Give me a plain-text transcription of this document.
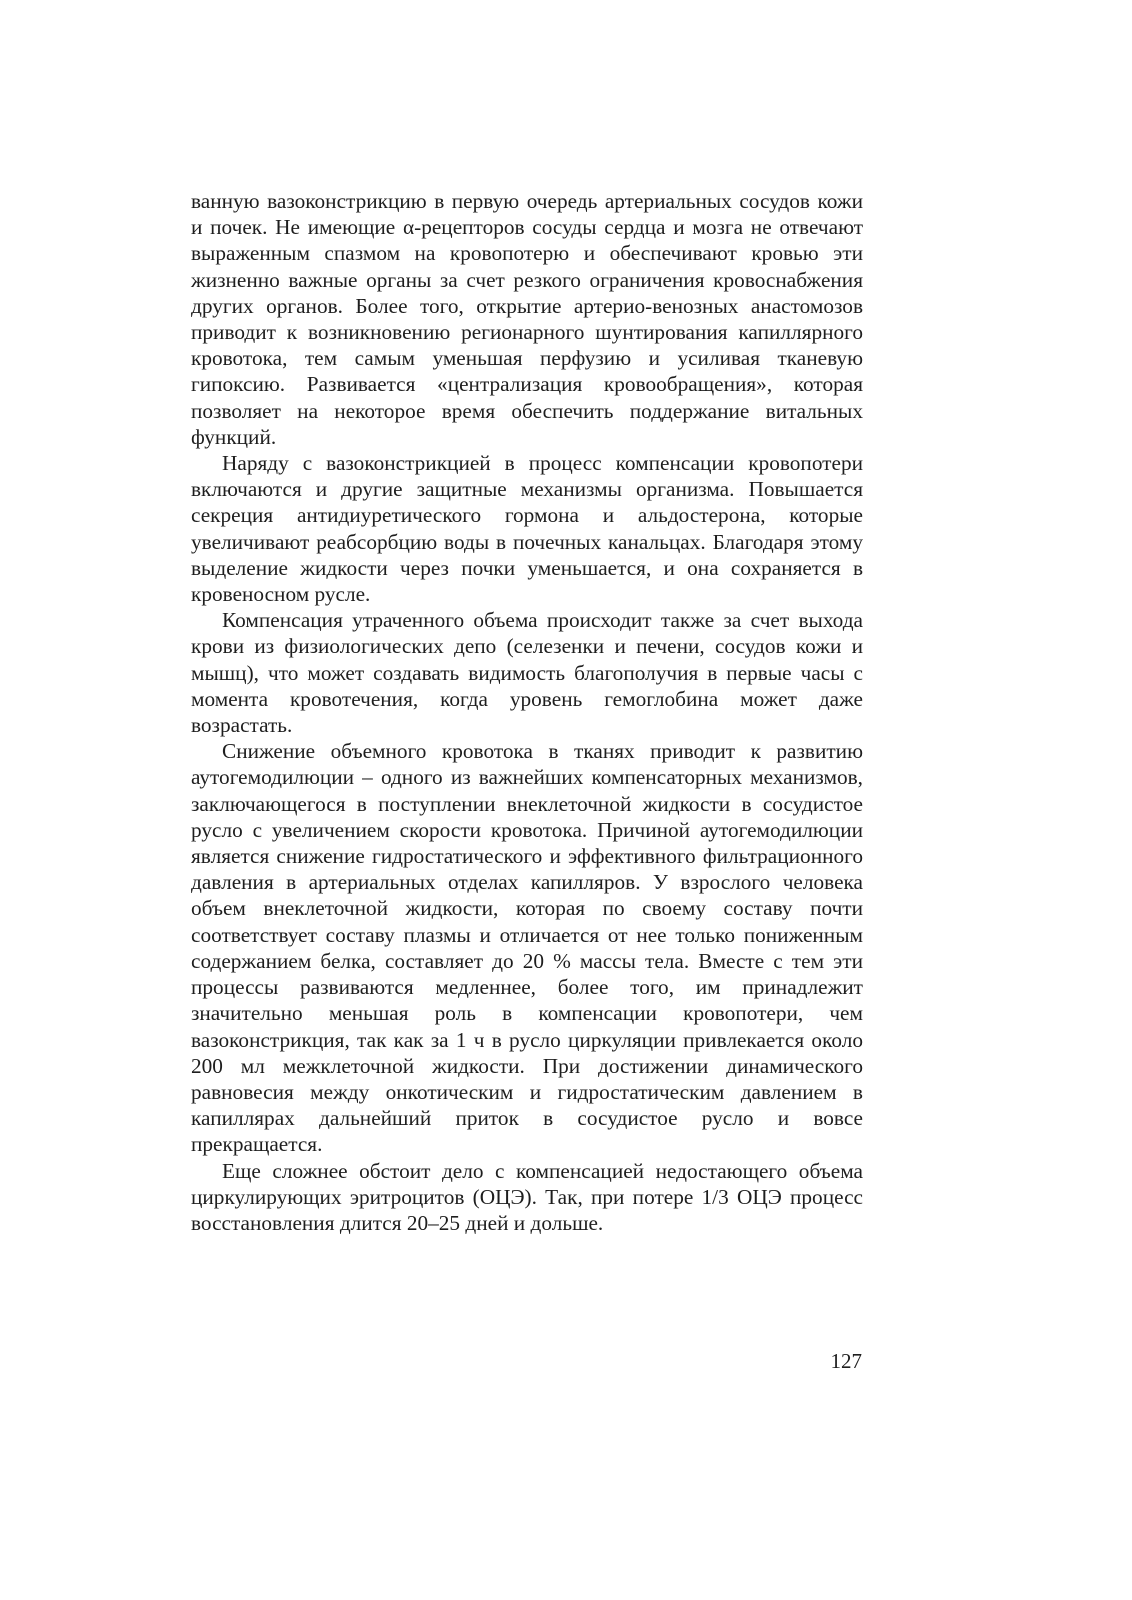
ванную вазоконстрикцию в первую очередь артериальных сосудов кожи и почек. Не имеющие α-рецепторов сосуды сердца и мозга не отвечают выраженным спазмом на кровопотерю и обеспечивают кровью эти жизненно важные органы за счет резкого ограничения кровоснабжения других органов. Более того, открытие артерио-венозных анастомозов приводит к возникновению регионарного шунтирования капиллярного кровотока, тем самым уменьшая перфузию и усиливая тканевую гипоксию. Развивается «централизация кровообращения», которая позволяет на некоторое время обеспечить поддержание витальных функций.

Наряду с вазоконстрикцией в процесс компенсации кровопотери включаются и другие защитные механизмы организма. Повышается секреция антидиуретического гормона и альдостерона, которые увеличивают реабсорбцию воды в почечных канальцах. Благодаря этому выделение жидкости через почки уменьшается, и она сохраняется в кровеносном русле.

Компенсация утраченного объема происходит также за счет выхода крови из физиологических депо (селезенки и печени, сосудов кожи и мышц), что может создавать видимость благополучия в первые часы с момента кровотечения, когда уровень гемоглобина может даже возрастать.

Снижение объемного кровотока в тканях приводит к развитию аутогемодилюции – одного из важнейших компенсаторных механизмов, заключающегося в поступлении внеклеточной жидкости в сосудистое русло с увеличением скорости кровотока. Причиной аутогемодилюции является снижение гидростатического и эффективного фильтрационного давления в артериальных отделах капилляров. У взрослого человека объем внеклеточной жидкости, которая по своему составу почти соответствует составу плазмы и отличается от нее только пониженным содержанием белка, составляет до 20 % массы тела. Вместе с тем эти процессы развиваются медленнее, более того, им принадлежит значительно меньшая роль в компенсации кровопотери, чем вазоконстрикция, так как за 1 ч в русло циркуляции привлекается около 200 мл межклеточной жидкости. При достижении динамического равновесия между онкотическим и гидростатическим давлением в капиллярах дальнейший приток в сосудистое русло и вовсе прекращается.

Еще сложнее обстоит дело с компенсацией недостающего объема циркулирующих эритроцитов (ОЦЭ). Так, при потере 1/3 ОЦЭ процесс восстановления длится 20–25 дней и дольше.

127
